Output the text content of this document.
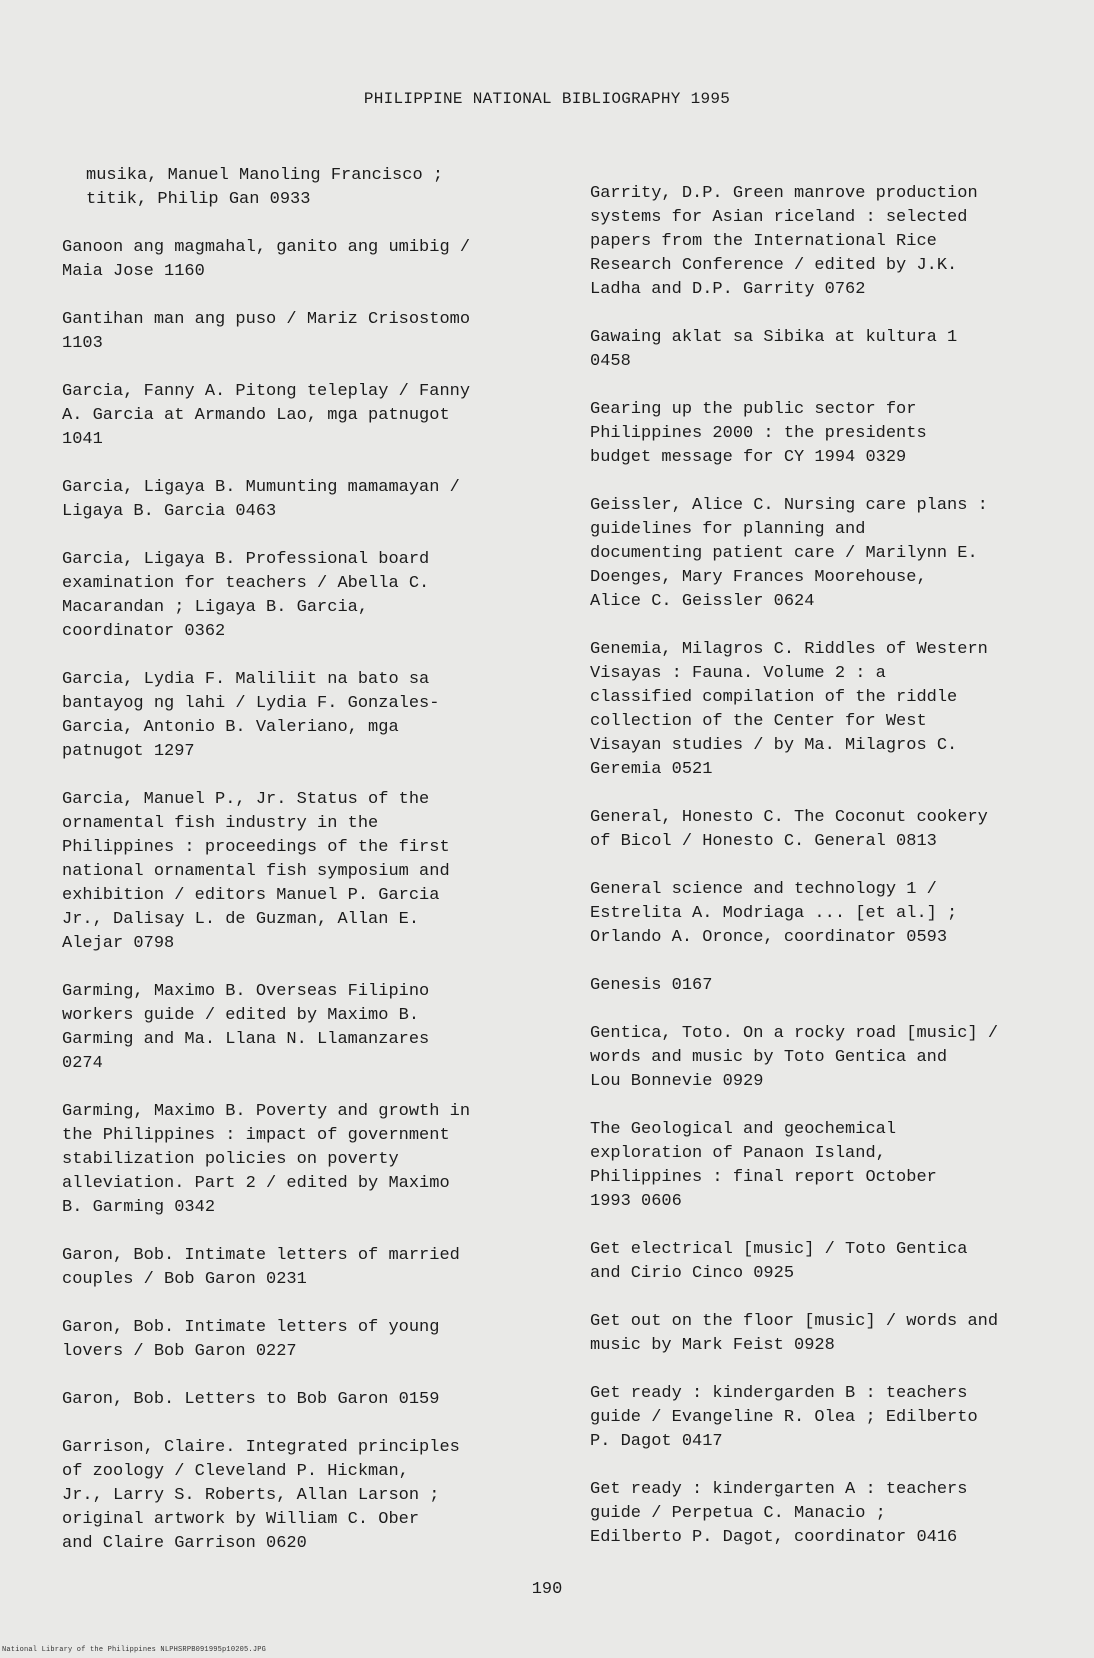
PHILIPPINE NATIONAL BIBLIOGRAPHY 1995
musika, Manuel Manoling Francisco ;
titik, Philip Gan 0933
Ganoon ang magmahal, ganito ang umibig /
Maia Jose 1160
Gantihan man ang puso / Mariz Crisostomo
1103
Garcia, Fanny A. Pitong teleplay / Fanny
A. Garcia at Armando Lao, mga patnugot
1041
Garcia, Ligaya B. Mumunting mamamayan /
Ligaya B. Garcia 0463
Garcia, Ligaya B. Professional board
examination for teachers / Abella C.
Macarandan ; Ligaya B. Garcia,
coordinator 0362
Garcia, Lydia F. Maliliit na bato sa
bantayog ng lahi / Lydia F. Gonzales-
Garcia, Antonio B. Valeriano, mga
patnugot 1297
Garcia, Manuel P., Jr. Status of the
ornamental fish industry in the
Philippines : proceedings of the first
national ornamental fish symposium and
exhibition / editors Manuel P. Garcia
Jr., Dalisay L. de Guzman, Allan E.
Alejar 0798
Garming, Maximo B. Overseas Filipino
workers guide / edited by Maximo B.
Garming and Ma. Llana N. Llamanzares
0274
Garming, Maximo B. Poverty and growth in
the Philippines : impact of government
stabilization policies on poverty
alleviation. Part 2 / edited by Maximo
B. Garming 0342
Garon, Bob. Intimate letters of married
couples / Bob Garon 0231
Garon, Bob. Intimate letters of young
lovers / Bob Garon 0227
Garon, Bob. Letters to Bob Garon 0159
Garrison, Claire. Integrated principles
of zoology / Cleveland P. Hickman,
Jr., Larry S. Roberts, Allan Larson ;
original artwork by William C. Ober
and Claire Garrison 0620
Garrity, D.P. Green manrove production
systems for Asian riceland : selected
papers from the International Rice
Research Conference / edited by J.K.
Ladha and D.P. Garrity 0762
Gawaing aklat sa Sibika at kultura 1
0458
Gearing up the public sector for
Philippines 2000 : the presidents
budget message for CY 1994 0329
Geissler, Alice C. Nursing care plans :
guidelines for planning and
documenting patient care / Marilynn E.
Doenges, Mary Frances Moorehouse,
Alice C. Geissler 0624
Genemia, Milagros C. Riddles of Western
Visayas : Fauna. Volume 2 : a
classified compilation of the riddle
collection of the Center for West
Visayan studies / by Ma. Milagros C.
Geremia 0521
General, Honesto C. The Coconut cookery
of Bicol / Honesto C. General 0813
General science and technology 1 /
Estrelita A. Modriaga ... [et al.] ;
Orlando A. Oronce, coordinator 0593
Genesis 0167
Gentica, Toto. On a rocky road [music] /
words and music by Toto Gentica and
Lou Bonnevie 0929
The Geological and geochemical
exploration of Panaon Island,
Philippines : final report October
1993 0606
Get electrical [music] / Toto Gentica
and Cirio Cinco 0925
Get out on the floor [music] / words and
music by Mark Feist 0928
Get ready : kindergarden B : teachers
guide / Evangeline R. Olea ; Edilberto
P. Dagot 0417
Get ready : kindergarten A : teachers
guide / Perpetua C. Manacio ;
Edilberto P. Dagot, coordinator 0416
190
National Library of the Philippines NLPHSRPB091995p10205.JPG
